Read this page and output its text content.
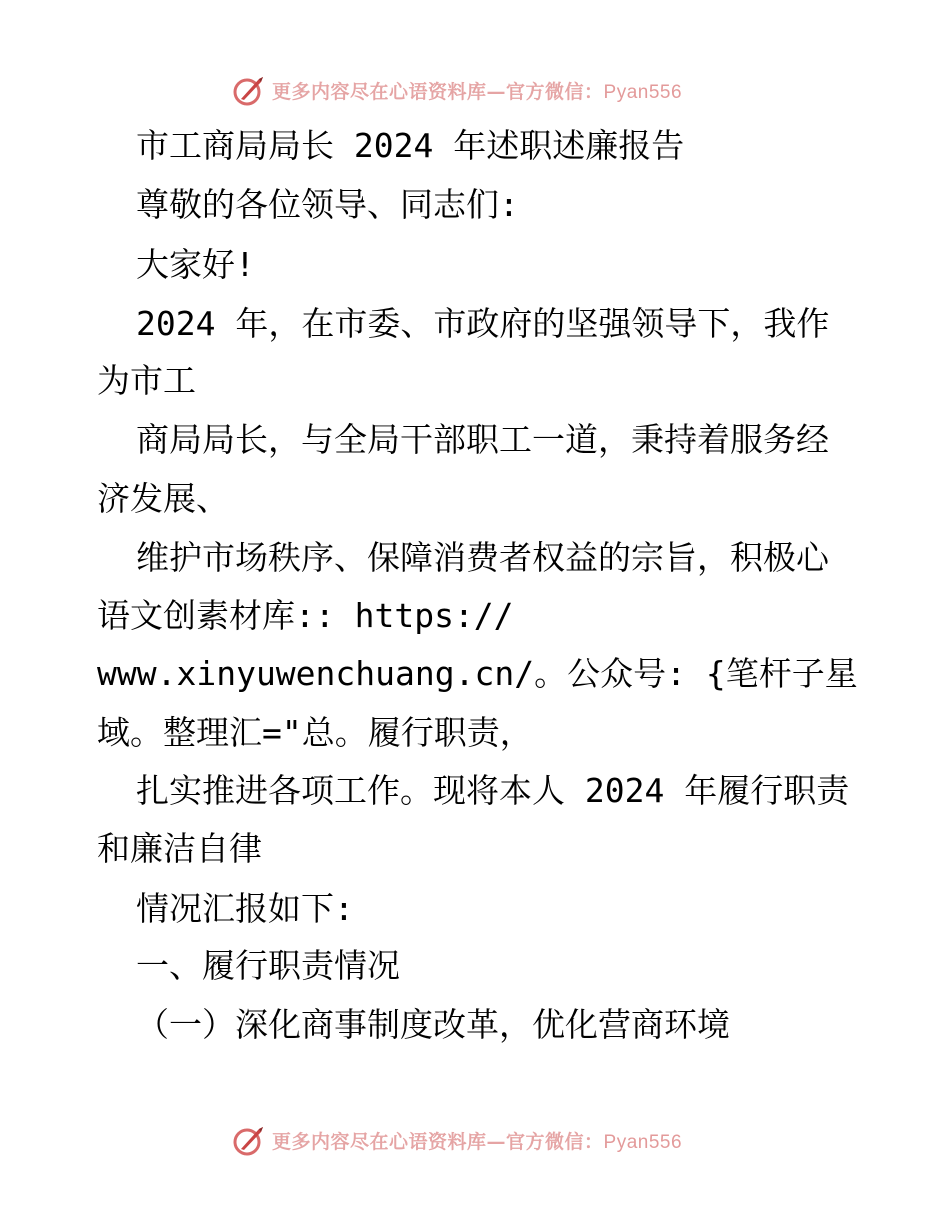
更多内容尽在心语资料库—官方微信：Pyan556
市工商局局长 2024 年述职述廉报告
尊敬的各位领导、同志们:
大家好!
2024 年，在市委、市政府的坚强领导下，我作
为市工
商局局长，与全局干部职工一道，秉持着服务经
济发展、
维护市场秩序、保障消费者权益的宗旨，积极心
语文创素材库:: https://
www.xinyuwenchuang.cn/。公众号: {笔杆子星
域。整理汇="总。履行职责，
扎实推进各项工作。现将本人 2024 年履行职责
和廉洁自律
情况汇报如下:
一、履行职责情况
（一）深化商事制度改革，优化营商环境
更多内容尽在心语资料库—官方微信：Pyan556
